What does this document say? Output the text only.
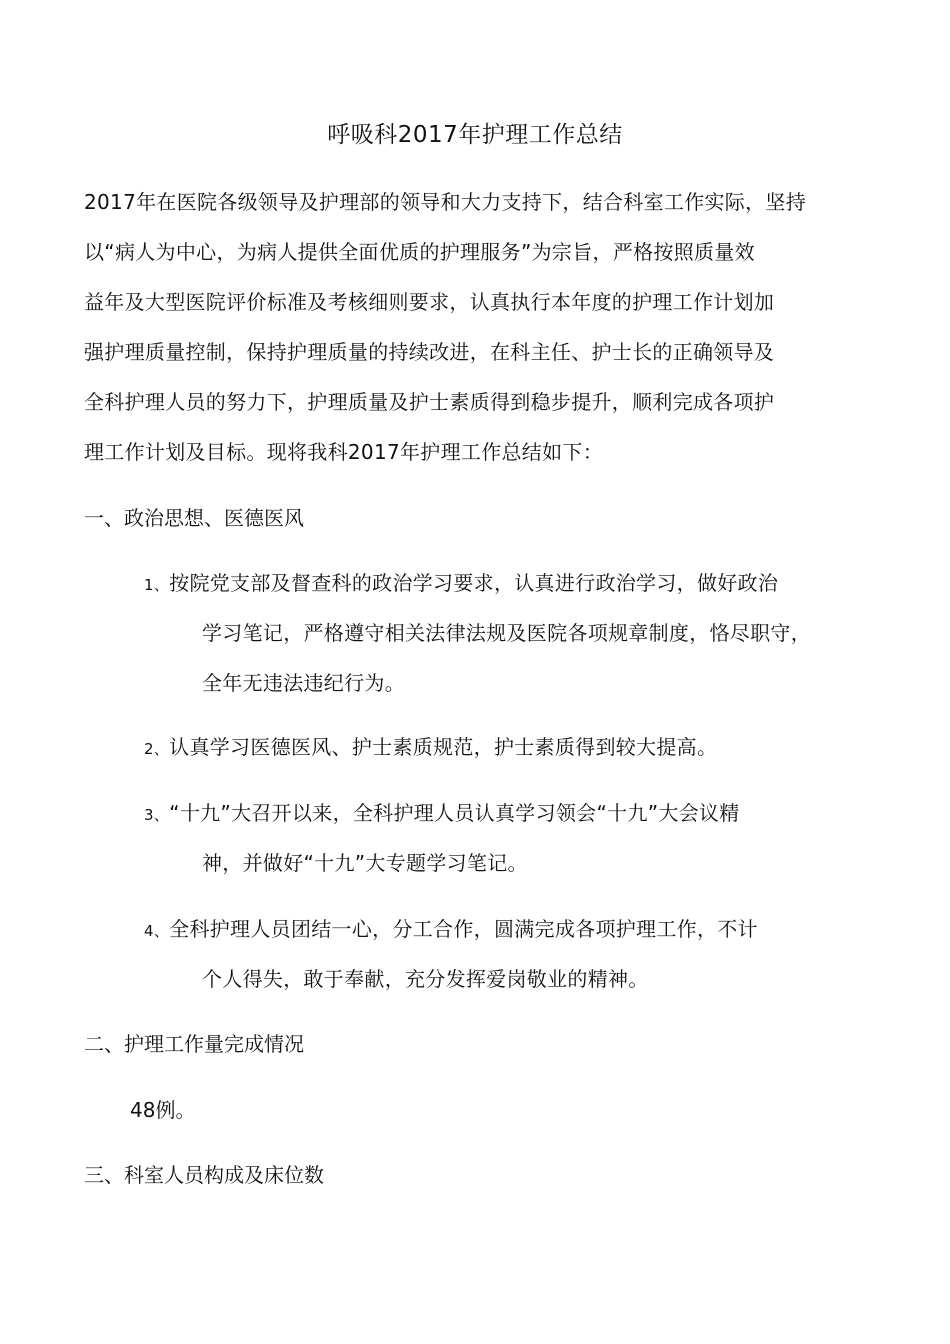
呼吸科2017年护理工作总结
2017年在医院各级领导及护理部的领导和大力支持下，结合科室工作实际，坚持
以“病人为中心，为病人提供全面优质的护理服务”为宗旨，严格按照质量效
益年及大型医院评价标准及考核细则要求，认真执行本年度的护理工作计划加
强护理质量控制，保持护理质量的持续改进，在科主任、护士长的正确领导及
全科护理人员的努力下，护理质量及护士素质得到稳步提升，顺利完成各项护
理工作计划及目标。现将我科2017年护理工作总结如下：
一、政治思想、医德医风
1、按院党支部及督查科的政治学习要求，认真进行政治学习，做好政治
学习笔记，严格遵守相关法律法规及医院各项规章制度，恪尽职守，
全年无违法违纪行为。
2、认真学习医德医风、护士素质规范，护士素质得到较大提高。
3、“十九”大召开以来，全科护理人员认真学习领会“十九”大会议精
神，并做好“十九”大专题学习笔记。
4、全科护理人员团结一心，分工合作，圆满完成各项护理工作，不计
个人得失，敢于奉献，充分发挥爱岗敬业的精神。
二、护理工作量完成情况
48例。
三、科室人员构成及床位数
